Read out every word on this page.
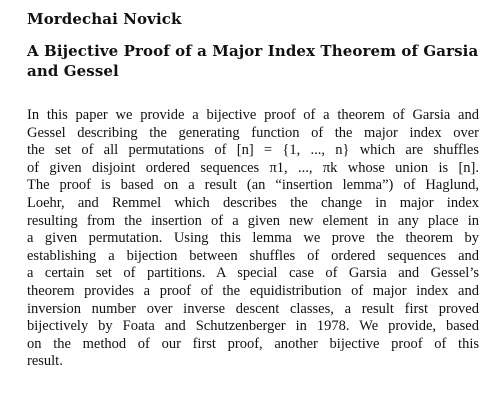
Mordechai Novick
A Bijective Proof of a Major Index Theorem of Garsia
and Gessel
In this paper we provide a bijective proof of a theorem of Garsia and
Gessel describing the generating function of the major index over
the set of all permutations of [n] = {1, ..., n} which are shuffles
of given disjoint ordered sequences π1, ..., πk whose union is [n].
The proof is based on a result (an “insertion lemma”) of Haglund,
Loehr, and Remmel which describes the change in major index
resulting from the insertion of a given new element in any place in
a given permutation. Using this lemma we prove the theorem by
establishing a bijection between shuffles of ordered sequences and
a certain set of partitions. A special case of Garsia and Gessel’s
theorem provides a proof of the equidistribution of major index and
inversion number over inverse descent classes, a result first proved
bijectively by Foata and Schutzenberger in 1978. We provide, based
on the method of our first proof, another bijective proof of this
result.
